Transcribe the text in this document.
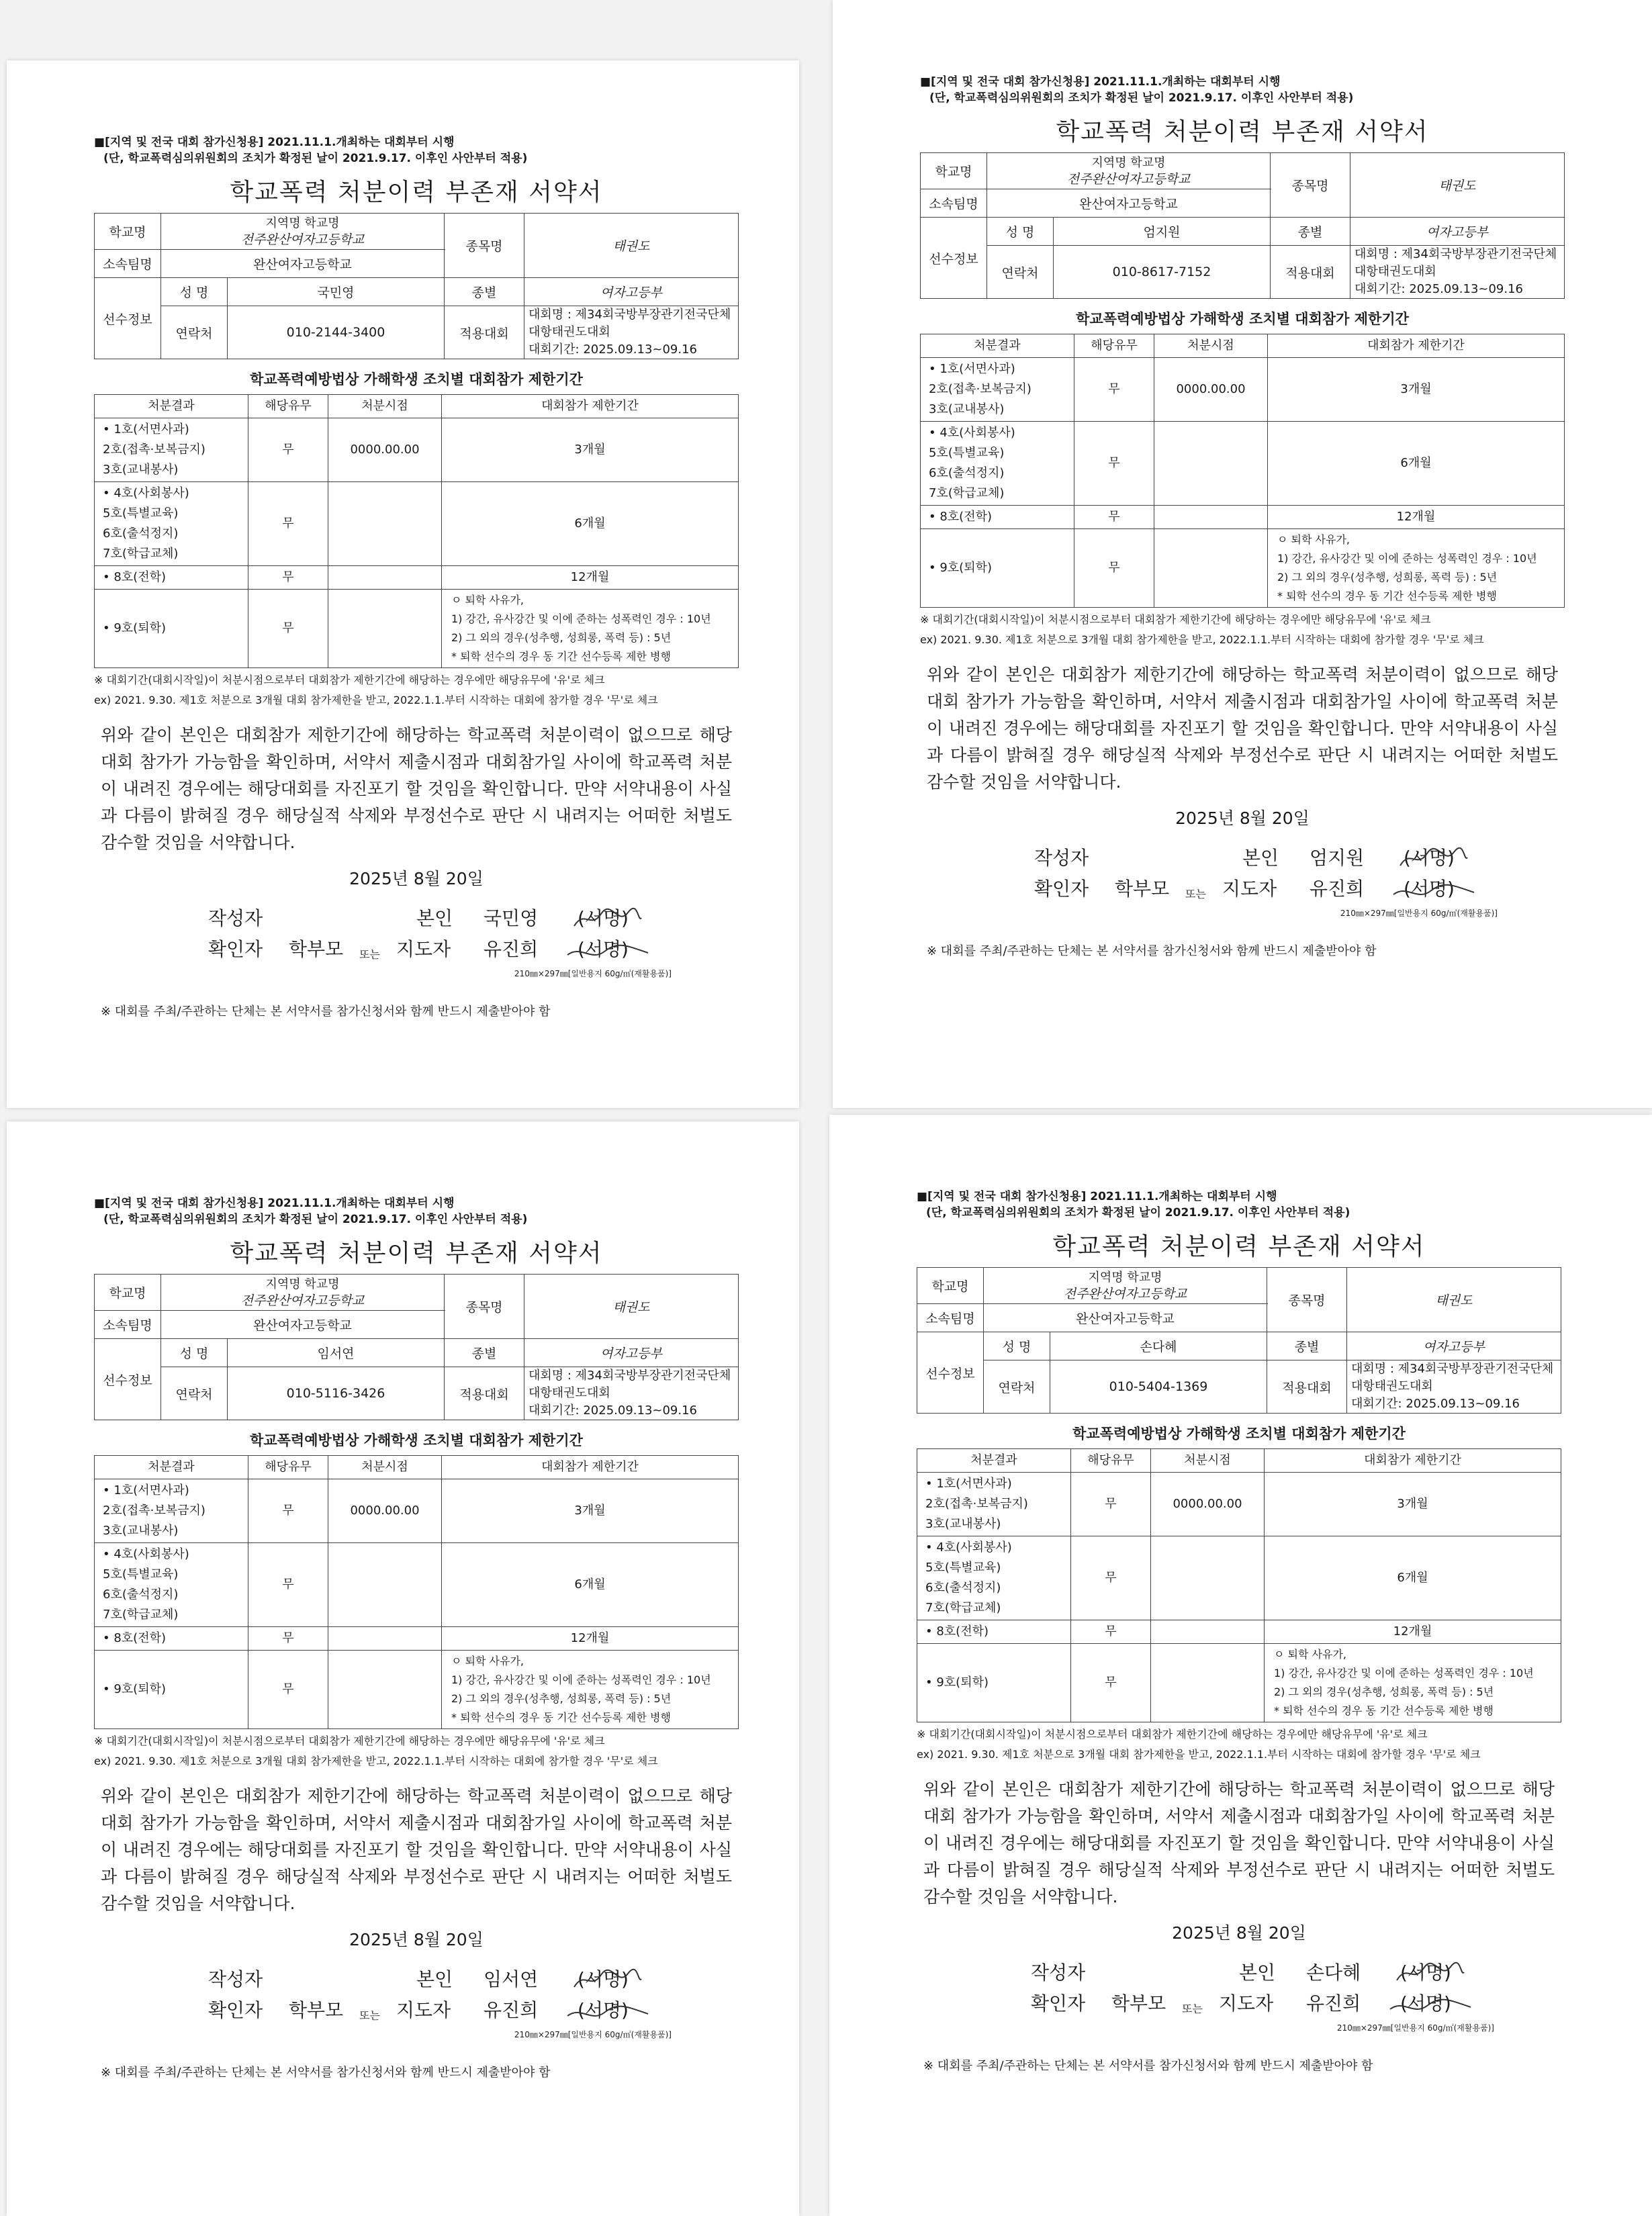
■[지역 및 전국 대회 참가신청용] 2021.11.1.개최하는 대회부터 시행
(단, 학교폭력심의위원회의 조치가 확정된 날이 2021.9.17. 이후인 사안부터 적용)
학교폭력 처분이력 부존재 서약서
학교명	지역명 학교명
전주완산여자고등학교		종목명	태권도
소속팀명	완산여자고등학교			
선수정보	성 명	국민영	종별	여자고등부
	연락처	010-2144-3400	적용대회	대회명 : 제34회국방부장관기전국단체대항태권도대회
대회기간: 2025.09.13~09.16
학교폭력예방법상 가해학생 조치별 대회참가 제한기간
처분결과	해당유무	처분시점	대회참가 제한기간

• 1호(서면사과)
2호(접촉·보복금지)
3호(교내봉사)	무	0000.00.00	3개월

• 4호(사회봉사)
5호(특별교육)
6호(출석정지)
7호(학급교체)	무		6개월

• 8호(전학)	무		12개월

• 9호(퇴학)	무		ㅇ 퇴학 사유가,
1) 강간, 유사강간 및 이에 준하는 성폭력인 경우 : 10년
2) 그 외의 경우(성추행, 성희롱, 폭력 등) : 5년
* 퇴학 선수의 경우 동 기간 선수등록 제한 병행
※ 대회기간(대회시작일)이 처분시점으로부터 대회참가 제한기간에 해당하는 경우에만 해당유무에 '유'로 체크
ex) 2021. 9.30. 제1호 처분으로 3개월 대회 참가제한을 받고, 2022.1.1.부터 시작하는 대회에 참가할 경우 '무'로 체크
위와 같이 본인은 대회참가 제한기간에 해당하는 학교폭력 처분이력이 없으므로 해당 대회 참가가 가능함을 확인하며, 서약서 제출시점과 대회참가일 사이에 학교폭력 처분이 내려진 경우에는 해당대회를 자진포기 할 것임을 확인합니다. 만약 서약내용이 사실과 다름이 밝혀질 경우 해당실적 삭제와 부정선수로 판단 시 내려지는 어떠한 처벌도 감수할 것임을 서약합니다.
2025년 8월 20일
작성자	본인 국민영 (서명)
확인자 학부모 또는 지도자 유진희 (서명)
210㎜×297㎜[일반용지 60g/㎡(재활용품)]
※ 대회를 주최/주관하는 단체는 본 서약서를 참가신청서와 함께 반드시 제출받아야 함
■[지역 및 전국 대회 참가신청용] 2021.11.1.개최하는 대회부터 시행
(단, 학교폭력심의위원회의 조치가 확정된 날이 2021.9.17. 이후인 사안부터 적용)
학교폭력 처분이력 부존재 서약서
학교명	지역명 학교명
전주완산여자고등학교		종목명	태권도
소속팀명	완산여자고등학교			
선수정보	성 명	엄지원	종별	여자고등부
	연락처	010-8617-7152	적용대회	대회명 : 제34회국방부장관기전국단체대항태권도대회
대회기간: 2025.09.13~09.16
학교폭력예방법상 가해학생 조치별 대회참가 제한기간
처분결과	해당유무	처분시점	대회참가 제한기간

• 1호(서면사과)
2호(접촉·보복금지)
3호(교내봉사)	무	0000.00.00	3개월

• 4호(사회봉사)
5호(특별교육)
6호(출석정지)
7호(학급교체)	무		6개월

• 8호(전학)	무		12개월

• 9호(퇴학)	무		ㅇ 퇴학 사유가,
1) 강간, 유사강간 및 이에 준하는 성폭력인 경우 : 10년
2) 그 외의 경우(성추행, 성희롱, 폭력 등) : 5년
* 퇴학 선수의 경우 동 기간 선수등록 제한 병행
※ 대회기간(대회시작일)이 처분시점으로부터 대회참가 제한기간에 해당하는 경우에만 해당유무에 '유'로 체크
ex) 2021. 9.30. 제1호 처분으로 3개월 대회 참가제한을 받고, 2022.1.1.부터 시작하는 대회에 참가할 경우 '무'로 체크
위와 같이 본인은 대회참가 제한기간에 해당하는 학교폭력 처분이력이 없으므로 해당 대회 참가가 가능함을 확인하며, 서약서 제출시점과 대회참가일 사이에 학교폭력 처분이 내려진 경우에는 해당대회를 자진포기 할 것임을 확인합니다. 만약 서약내용이 사실과 다름이 밝혀질 경우 해당실적 삭제와 부정선수로 판단 시 내려지는 어떠한 처벌도 감수할 것임을 서약합니다.
2025년 8월 20일
작성자	본인 엄지원 (서명)
확인자 학부모 또는 지도자 유진희 (서명)
210㎜×297㎜[일반용지 60g/㎡(재활용품)]
※ 대회를 주최/주관하는 단체는 본 서약서를 참가신청서와 함께 반드시 제출받아야 함
■[지역 및 전국 대회 참가신청용] 2021.11.1.개최하는 대회부터 시행
(단, 학교폭력심의위원회의 조치가 확정된 날이 2021.9.17. 이후인 사안부터 적용)
학교폭력 처분이력 부존재 서약서
학교명	지역명 학교명
전주완산여자고등학교		종목명	태권도
소속팀명	완산여자고등학교			
선수정보	성 명	임서연	종별	여자고등부
	연락처	010-5116-3426	적용대회	대회명 : 제34회국방부장관기전국단체대항태권도대회
대회기간: 2025.09.13~09.16
학교폭력예방법상 가해학생 조치별 대회참가 제한기간
처분결과	해당유무	처분시점	대회참가 제한기간

• 1호(서면사과)
2호(접촉·보복금지)
3호(교내봉사)	무	0000.00.00	3개월

• 4호(사회봉사)
5호(특별교육)
6호(출석정지)
7호(학급교체)	무		6개월

• 8호(전학)	무		12개월

• 9호(퇴학)	무		ㅇ 퇴학 사유가,
1) 강간, 유사강간 및 이에 준하는 성폭력인 경우 : 10년
2) 그 외의 경우(성추행, 성희롱, 폭력 등) : 5년
* 퇴학 선수의 경우 동 기간 선수등록 제한 병행
※ 대회기간(대회시작일)이 처분시점으로부터 대회참가 제한기간에 해당하는 경우에만 해당유무에 '유'로 체크
ex) 2021. 9.30. 제1호 처분으로 3개월 대회 참가제한을 받고, 2022.1.1.부터 시작하는 대회에 참가할 경우 '무'로 체크
위와 같이 본인은 대회참가 제한기간에 해당하는 학교폭력 처분이력이 없으므로 해당 대회 참가가 가능함을 확인하며, 서약서 제출시점과 대회참가일 사이에 학교폭력 처분이 내려진 경우에는 해당대회를 자진포기 할 것임을 확인합니다. 만약 서약내용이 사실과 다름이 밝혀질 경우 해당실적 삭제와 부정선수로 판단 시 내려지는 어떠한 처벌도 감수할 것임을 서약합니다.
2025년 8월 20일
작성자	본인 임서연 (서명)
확인자 학부모 또는 지도자 유진희 (서명)
210㎜×297㎜[일반용지 60g/㎡(재활용품)]
※ 대회를 주최/주관하는 단체는 본 서약서를 참가신청서와 함께 반드시 제출받아야 함
■[지역 및 전국 대회 참가신청용] 2021.11.1.개최하는 대회부터 시행
(단, 학교폭력심의위원회의 조치가 확정된 날이 2021.9.17. 이후인 사안부터 적용)
학교폭력 처분이력 부존재 서약서
학교명	지역명 학교명
전주완산여자고등학교		종목명	태권도
소속팀명	완산여자고등학교			
선수정보	성 명	손다혜	종별	여자고등부
	연락처	010-5404-1369	적용대회	대회명 : 제34회국방부장관기전국단체대항태권도대회
대회기간: 2025.09.13~09.16
학교폭력예방법상 가해학생 조치별 대회참가 제한기간
처분결과	해당유무	처분시점	대회참가 제한기간

• 1호(서면사과)
2호(접촉·보복금지)
3호(교내봉사)	무	0000.00.00	3개월

• 4호(사회봉사)
5호(특별교육)
6호(출석정지)
7호(학급교체)	무		6개월

• 8호(전학)	무		12개월

• 9호(퇴학)	무		ㅇ 퇴학 사유가,
1) 강간, 유사강간 및 이에 준하는 성폭력인 경우 : 10년
2) 그 외의 경우(성추행, 성희롱, 폭력 등) : 5년
* 퇴학 선수의 경우 동 기간 선수등록 제한 병행
※ 대회기간(대회시작일)이 처분시점으로부터 대회참가 제한기간에 해당하는 경우에만 해당유무에 '유'로 체크
ex) 2021. 9.30. 제1호 처분으로 3개월 대회 참가제한을 받고, 2022.1.1.부터 시작하는 대회에 참가할 경우 '무'로 체크
위와 같이 본인은 대회참가 제한기간에 해당하는 학교폭력 처분이력이 없으므로 해당 대회 참가가 가능함을 확인하며, 서약서 제출시점과 대회참가일 사이에 학교폭력 처분이 내려진 경우에는 해당대회를 자진포기 할 것임을 확인합니다. 만약 서약내용이 사실과 다름이 밝혀질 경우 해당실적 삭제와 부정선수로 판단 시 내려지는 어떠한 처벌도 감수할 것임을 서약합니다.
2025년 8월 20일
작성자	본인 손다혜 (서명)
확인자 학부모 또는 지도자 유진희 (서명)
210㎜×297㎜[일반용지 60g/㎡(재활용품)]
※ 대회를 주최/주관하는 단체는 본 서약서를 참가신청서와 함께 반드시 제출받아야 함
